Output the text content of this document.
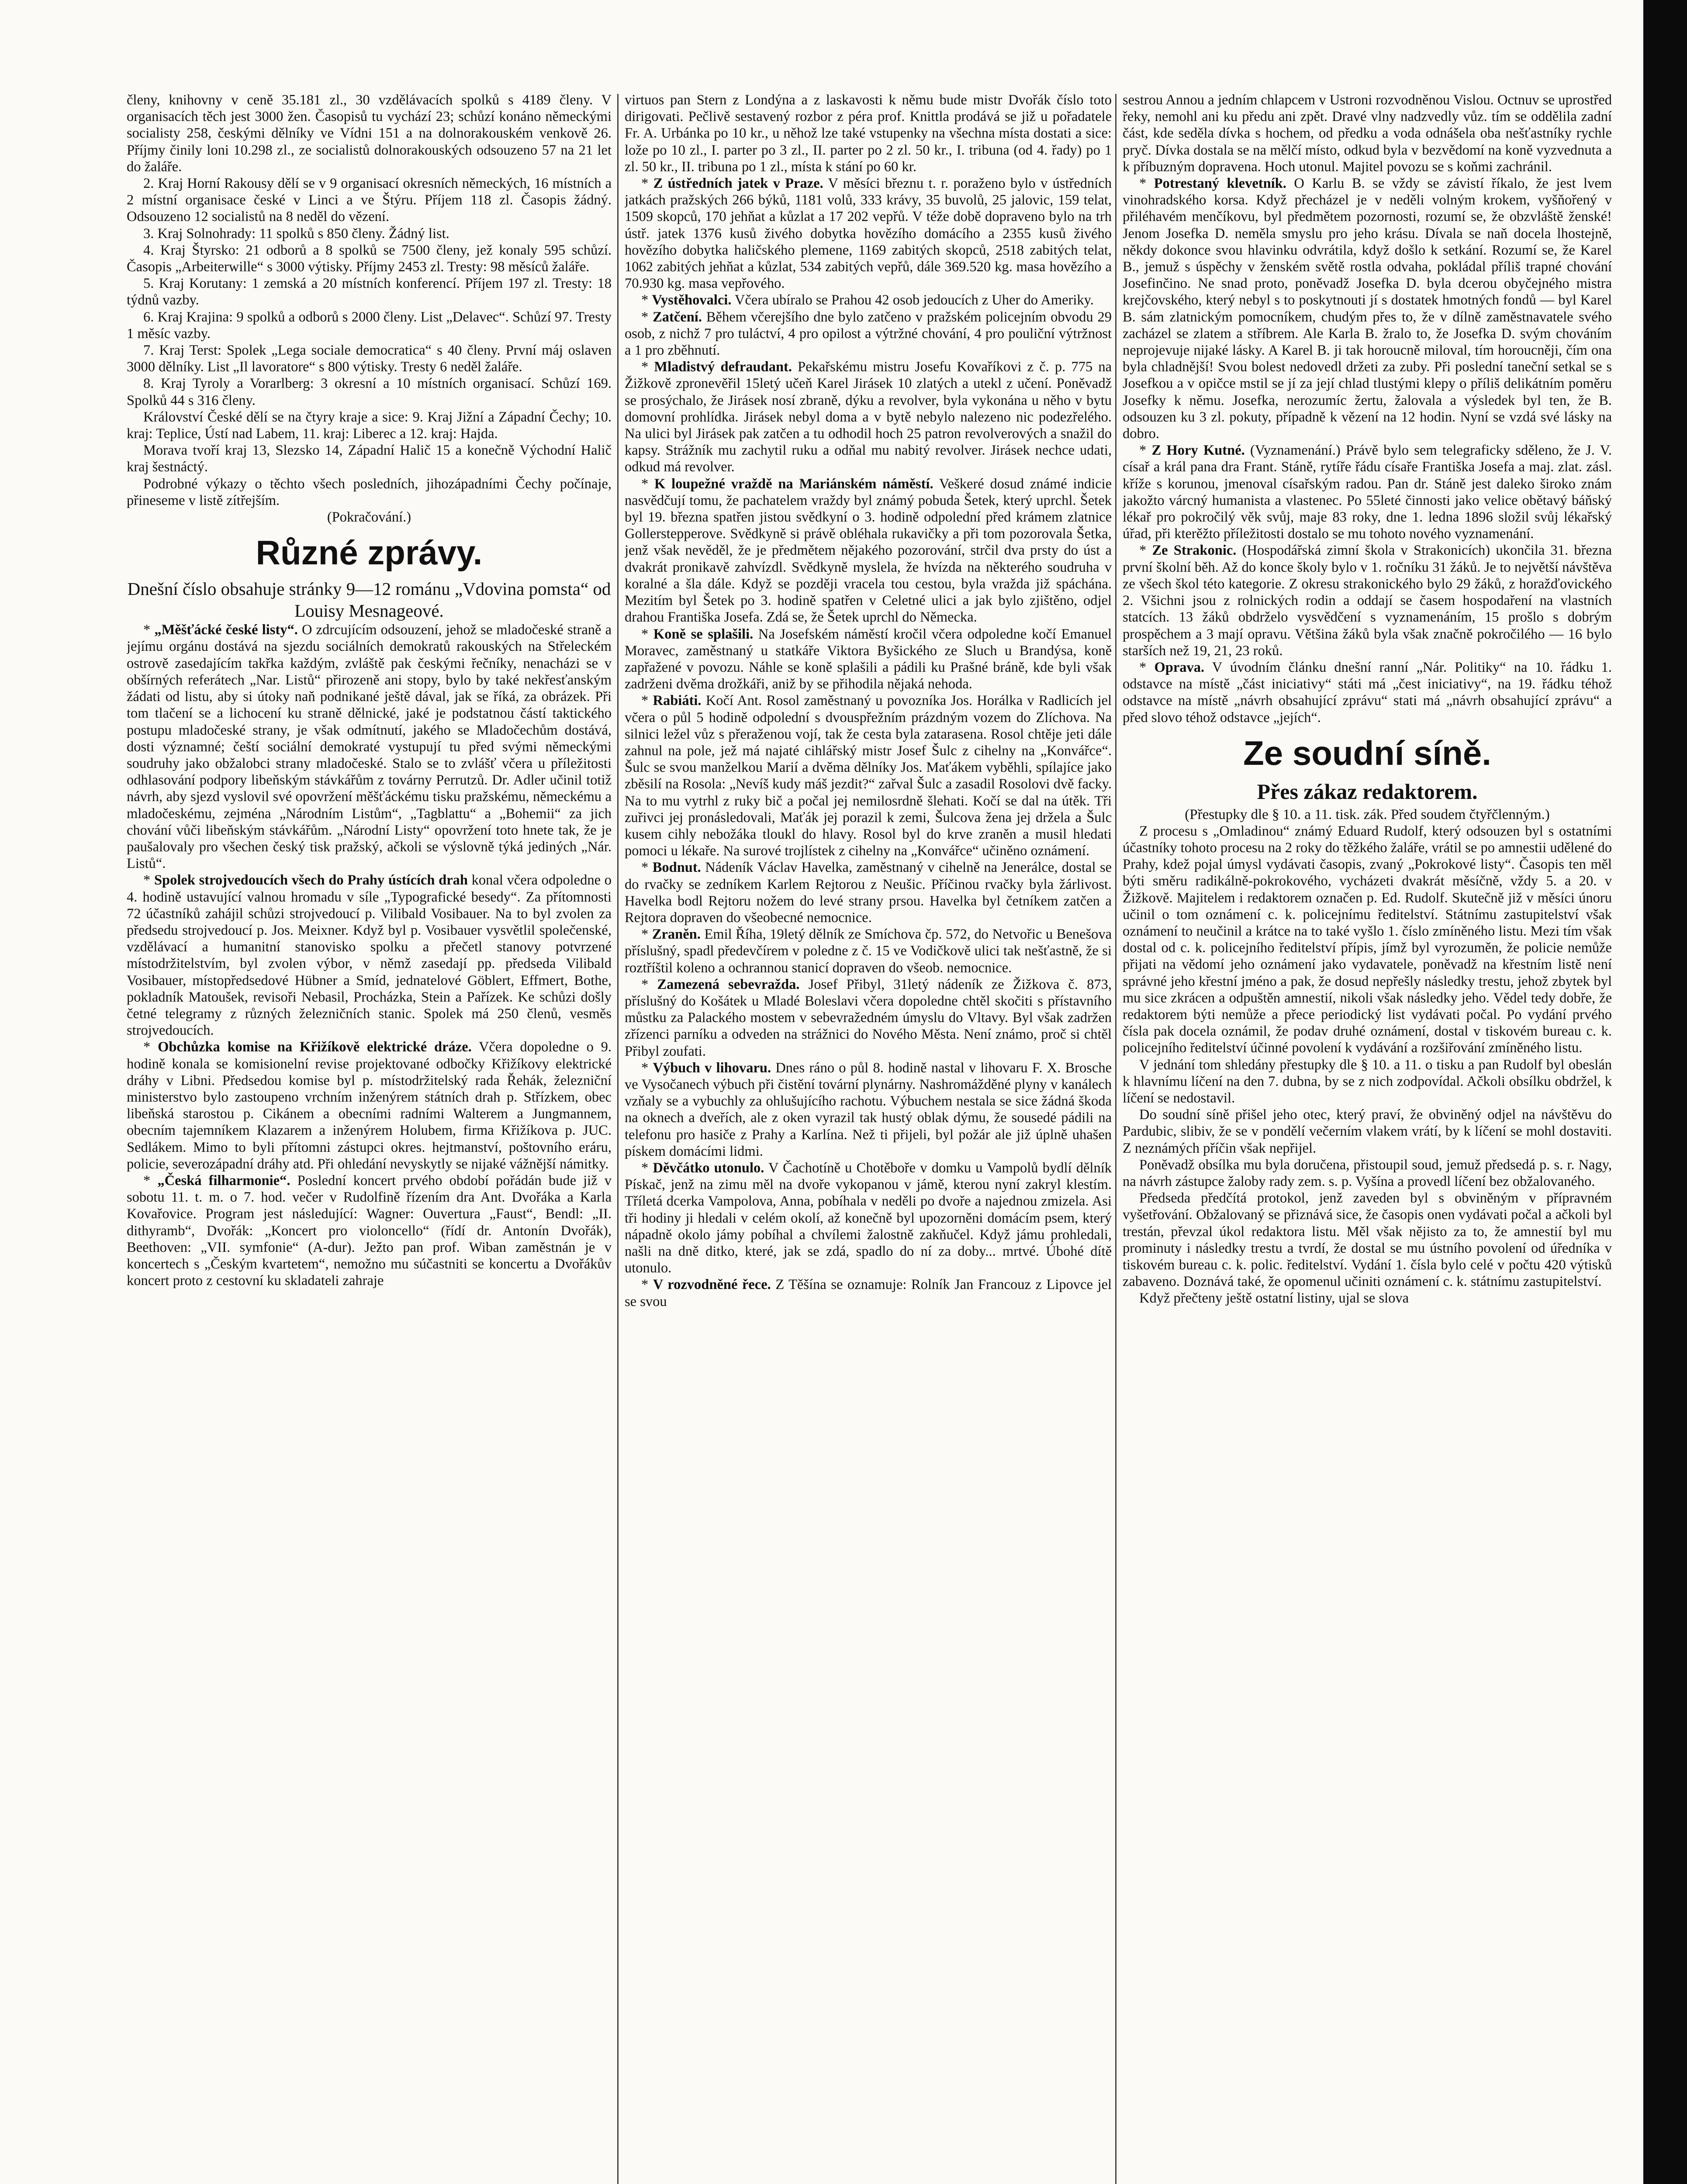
členy, knihovny v ceně 35.181 zl., 30 vzdělávacích spolků s 4189 členy. V organisacích těch jest 3000 žen. Časopisů tu vychází 23; schůzí konáno německými socialisty 258, českými dělníky ve Vídni 151 a na dolnorakouském venkově 26. Příjmy činily loni 10.298 zl., ze socialistů dolnorakouských odsouzeno 57 na 21 let do žaláře.

2. Kraj Horní Rakousy dělí se v 9 organisací okresních německých, 16 místních a 2 místní organisace české v Linci a ve Štýru. Příjem 118 zl. Časopis žádný. Odsouzeno 12 socialistů na 8 neděl do vězení.

3. Kraj Solnohrady: 11 spolků s 850 členy. Žádný list.

4. Kraj Štyrsko: 21 odborů a 8 spolků se 7500 členy, jež konaly 595 schůzí. Časopis „Arbeiterwille“ s 3000 výtisky. Příjmy 2453 zl. Tresty: 98 měsíců žaláře.

5. Kraj Korutany: 1 zemská a 20 místních konferencí. Příjem 197 zl. Tresty: 18 týdnů vazby.

6. Kraj Krajina: 9 spolků a odborů s 2000 členy. List „Delavec“. Schůzí 97. Tresty 1 měsíc vazby.

7. Kraj Terst: Spolek „Lega sociale democratica“ s 40 členy. První máj oslaven 3000 dělníky. List „Il lavoratore“ s 800 výtisky. Tresty 6 neděl žaláře.

8. Kraj Tyroly a Vorarlberg: 3 okresní a 10 místních organisací. Schůzí 169. Spolků 44 s 316 členy.

Království České dělí se na čtyry kraje a sice: 9. Kraj Jižní a Západní Čechy; 10. kraj: Teplice, Ústí nad Labem, 11. kraj: Liberec a 12. kraj: Hajda.

Morava tvoří kraj 13, Slezsko 14, Západní Halič 15 a konečně Východní Halič kraj šestnáctý.

Podrobné výkazy o těchto všech posledních, jihozápadními Čechy počínaje, přineseme v listě zítřejším.

(Pokračování.)

Různé zprávy.

Dnešní číslo obsahuje stránky 9—12 románu „Vdovina pomsta“ od Louisy Mesnageové.

* „Měšťácké české listy“. O zdrcujícím odsouzení, jehož se mladočeské straně a jejímu orgánu dostává na sjezdu sociálních demokratů rakouských na Střeleckém ostrově zasedajícím takřka každým, zvláště pak českými řečníky, nenacházi se v obšírných referátech „Nar. Listů“ přirozeně ani stopy, bylo by také nekřesťanským žádati od listu, aby si útoky naň podnikané ještě dával, jak se říká, za obrázek. Při tom tlačení se a lichocení ku straně dělnické, jaké je podstatnou částí taktického postupu mladočeské strany, je však odmítnutí, jakého se Mladočechům dostává, dosti významné; čeští sociální demokraté vystupují tu před svými německými soudruhy jako obžalobci strany mladočeské. Stalo se to zvlášť včera u příležitosti odhlasování podpory libeňským stávkářům z továrny Perrutzů. Dr. Adler učinil totiž návrh, aby sjezd vyslovil své opovržení měšťáckému tisku pražskému, německému a mladočeskému, zejména „Národním Listům“, „Tagblattu“ a „Bohemii“ za jich chování vůči libeňským stávkářům. „Národní Listy“ opovržení toto hnete tak, že je paušalovaly pro všechen český tisk pražský, ačkoli se výslovně týká jediných „Nár. Listů“.

* Spolek strojvedoucích všech do Prahy ústících drah konal včera odpoledne o 4. hodině ustavující valnou hromadu v síle „Typografické besedy“. Za přítomnosti 72 účastníků zahájil schůzi strojvedoucí p. Vilibald Vosibauer. Na to byl zvolen za předsedu strojvedoucí p. Jos. Meixner. Když byl p. Vosibauer vysvětlil společenské, vzdělávací a humanitní stanovisko spolku a přečetl stanovy potvrzené místodržitelstvím, byl zvolen výbor, v němž zasedají pp. předseda Vilibald Vosibauer, místopředsedové Hübner a Smíd, jednatelové Göblert, Effmert, Bothe, pokladník Matoušek, revisoři Nebasil, Procházka, Stein a Pařízek. Ke schůzi došly četné telegramy z různých železničních stanic. Spolek má 250 členů, vesměs strojvedoucích.

* Obchůzka komise na Křižíkově elektrické dráze. Včera dopoledne o 9. hodině konala se komisionelní revise projektované odbočky Křižíkovy elektrické dráhy v Libni. Předsedou komise byl p. místodržitelský rada Řehák, železniční ministerstvo bylo zastoupeno vrchním inženýrem státních drah p. Střízkem, obec libeňská starostou p. Cikánem a obecními radními Walterem a Jungmannem, obecním tajemníkem Klazarem a inženýrem Holubem, firma Křižíkova p. JUC. Sedlákem. Mimo to byli přítomni zástupci okres. hejtmanství, poštovního eráru, policie, severozápadní dráhy atd. Při ohledání nevyskytly se nijaké vážnější námitky.

* „Česká filharmonie“. Poslední koncert prvého období pořádán bude již v sobotu 11. t. m. o 7. hod. večer v Rudolfině řízením dra Ant. Dvořáka a Karla Kovařovice. Program jest následující: Wagner: Ouvertura „Faust“, Bendl: „II. dithyramb“, Dvořák: „Koncert pro violoncello“ (řídí dr. Antonín Dvořák), Beethoven: „VII. symfonie“ (A-dur). Ježto pan prof. Wiban zaměstnán je v koncertech s „Českým kvartetem“, nemožno mu súčastniti se koncertu a Dvořákův koncert proto z cestovní ku skladateli zahraje

virtuos pan Stern z Londýna a z laskavosti k němu bude mistr Dvořák číslo toto dirigovati. Pečlivě sestavený rozbor z péra prof. Knittla prodává se již u pořadatele Fr. A. Urbánka po 10 kr., u něhož lze také vstupenky na všechna místa dostati a sice: lože po 10 zl., I. parter po 3 zl., II. parter po 2 zl. 50 kr., I. tribuna (od 4. řady) po 1 zl. 50 kr., II. tribuna po 1 zl., místa k stání po 60 kr.

* Z ústředních jatek v Praze. V měsíci březnu t. r. poraženo bylo v ústředních jatkách pražských 266 býků, 1181 volů, 333 krávy, 35 buvolů, 25 jalovic, 159 telat, 1509 skopců, 170 jehňat a kůzlat a 17 202 vepřů. V téže době dopraveno bylo na trh ústř. jatek 1376 kusů živého dobytka hovězího domácího a 2355 kusů živého hovězího dobytka haličského plemene, 1169 zabitých skopců, 2518 zabitých telat, 1062 zabitých jehňat a kůzlat, 534 zabitých vepřů, dále 369.520 kg. masa hovězího a 70.930 kg. masa vepřového.

* Vystěhovalci. Včera ubíralo se Prahou 42 osob jedoucích z Uher do Ameriky.

* Zatčení. Během včerejšího dne bylo zatčeno v pražském policejním obvodu 29 osob, z nichž 7 pro tuláctví, 4 pro opilost a výtržné chování, 4 pro pouliční výtržnost a 1 pro zběhnutí.

* Mladistvý defraudant. Pekařskému mistru Josefu Kovaříkovi z č. p. 775 na Žižkově zpronevěřil 15letý učeň Karel Jirásek 10 zlatých a utekl z učení. Poněvadž se prosýchalo, že Jirásek nosí zbraně, dýku a revolver, byla vykonána u něho v bytu domovní prohlídka. Jirásek nebyl doma a v bytě nebylo nalezeno nic podezřelého. Na ulici byl Jirásek pak zatčen a tu odhodil hoch 25 patron revolverových a snažil do kapsy. Strážník mu zachytil ruku a odňal mu nabitý revolver. Jirásek nechce udati, odkud má revolver.

* K loupežné vraždě na Mariánském náměstí. Veškeré dosud známé indicie nasvědčují tomu, že pachatelem vraždy byl známý pobuda Šetek, který uprchl. Šetek byl 19. března spatřen jistou svědkyní o 3. hodině odpolední před krámem zlatnice Gollerstepperove. Svědkyně si právě obléhala rukavičky a při tom pozorovala Šetka, jenž však nevěděl, že je předmětem nějakého pozorování, strčil dva prsty do úst a dvakrát pronikavě zahvízdl. Svědkyně myslela, že hvízda na některého soudruha v koralné a šla dále. Když se později vracela tou cestou, byla vražda již spáchána. Mezitím byl Šetek po 3. hodině spatřen v Celetné ulici a jak bylo zjištěno, odjel drahou Františka Josefa. Zdá se, že Šetek uprchl do Německa.

* Koně se splašili. Na Josefském náměstí kročil včera odpoledne kočí Emanuel Moravec, zaměstnaný u statkáře Viktora Byšického ze Sluch u Brandýsa, koně zapřažené v povozu. Náhle se koně splašili a pádili ku Prašné bráně, kde byli však zadrženi dvěma drožkáři, aniž by se přihodila nějaká nehoda.

* Rabiáti. Kočí Ant. Rosol zaměstnaný u povozníka Jos. Horálka v Radlicích jel včera o půl 5 hodině odpolední s dvouspřežním prázdným vozem do Zlíchova. Na silnici ležel vůz s přeraženou vojí, tak že cesta byla zatarasena. Rosol chtěje jeti dále zahnul na pole, jež má najaté cihlářský mistr Josef Šulc z cihelny na „Konvářce“. Šulc se svou manželkou Marií a dvěma dělníky Jos. Maťákem vyběhli, spílajíce jako zběsilí na Rosola: „Nevíš kudy máš jezdit?“ zařval Šulc a zasadil Rosolovi dvě facky. Na to mu vytrhl z ruky bič a počal jej nemilosrdně šlehati. Kočí se dal na útěk. Tři zuřivci jej pronásledovali, Maťák jej porazil k zemi, Šulcova žena jej držela a Šulc kusem cihly nebožáka tloukl do hlavy. Rosol byl do krve zraněn a musil hledati pomoci u lékaře. Na surové trojlístek z cihelny na „Konvářce“ učiněno oznámení.

* Bodnut. Nádeník Václav Havelka, zaměstnaný v cihelně na Jenerálce, dostal se do rvačky se zedníkem Karlem Rejtorou z Neušic. Příčinou rvačky byla žárlivost. Havelka bodl Rejtoru nožem do levé strany prsou. Havelka byl četníkem zatčen a Rejtora dopraven do všeobecné nemocnice.

* Zraněn. Emil Říha, 19letý dělník ze Smíchova čp. 572, do Netvořic u Benešova příslušný, spadl předevčírem v poledne z č. 15 ve Vodičkově ulici tak nešťastně, že si roztříštil koleno a ochrannou stanicí dopraven do všeob. nemocnice.

* Zamezená sebevražda. Josef Přibyl, 31letý nádeník ze Žižkova č. 873, příslušný do Košátek u Mladé Boleslavi včera dopoledne chtěl skočiti s přístavního můstku za Palackého mostem v sebevražedném úmyslu do Vltavy. Byl však zadržen zřízenci parníku a odveden na strážnici do Nového Města. Není známo, proč si chtěl Přibyl zoufati.

* Výbuch v lihovaru. Dnes ráno o půl 8. hodině nastal v lihovaru F. X. Brosche ve Vysočanech výbuch při čistění tovární plynárny. Nashromážděné plyny v kanálech vzňaly se a vybuchly za ohlušujícího rachotu. Výbuchem nestala se sice žádná škoda na oknech a dveřích, ale z oken vyrazil tak hustý oblak dýmu, že sousedé pádili na telefonu pro hasiče z Prahy a Karlína. Než ti přijeli, byl požár ale již úplně uhašen pískem domácími lidmi.

* Děvčátko utonulo. V Čachotíně u Chotěboře v domku u Vampolů bydlí dělník Pískač, jenž na zimu měl na dvoře vykopanou v jámě, kterou nyní zakryl klestím. Tříletá dcerka Vampolova, Anna, pobíhala v neděli po dvoře a najednou zmizela. Asi tři hodiny ji hledali v celém okolí, až konečně byl upozorněni domácím psem, který nápadně okolo jámy pobíhal a chvílemi žalostně zakňučel. Když jámu prohledali, našli na dně ditko, které, jak se zdá, spadlo do ní za doby... mrtvé. Úbohé dítě utonulo.

* V rozvodněné řece. Z Těšína se oznamuje: Rolník Jan Francouz z Lipovce jel se svou

sestrou Annou a jedním chlapcem v Ustroni rozvodněnou Vislou. Octnuv se uprostřed řeky, nemohl ani ku předu ani zpět. Dravé vlny nadzvedly vůz. tím se oddělila zadní část, kde seděla dívka s hochem, od předku a voda odnášela oba nešťastníky rychle pryč. Dívka dostala se na mělčí místo, odkud byla v bezvědomí na koně vyzvednuta a k příbuzným dopravena. Hoch utonul. Majitel povozu se s koňmi zachránil.

* Potrestaný klevetník. O Karlu B. se vždy se závistí říkalo, že jest lvem vinohradského korsa. Když přecházel je v neděli volným krokem, vyšňořený v přiléhavém menčíkovu, byl předmětem pozornosti, rozumí se, že obzvláště ženské! Jenom Josefka D. neměla smyslu pro jeho krásu. Dívala se naň docela lhostejně, někdy dokonce svou hlavinku odvrátila, když došlo k setkání. Rozumí se, že Karel B., jemuž s úspěchy v ženském světě rostla odvaha, pokládal příliš trapné chování Josefinčino. Ne snad proto, poněvadž Josefka D. byla dcerou obyčejného mistra krejčovského, který nebyl s to poskytnouti jí s dostatek hmotných fondů — byl Karel B. sám zlatnickým pomocníkem, chudým přes to, že v dílně zaměstnavatele svého zacházel se zlatem a stříbrem. Ale Karla B. žralo to, že Josefka D. svým chováním neprojevuje nijaké lásky. A Karel B. ji tak horoucně miloval, tím horoucněji, čím ona byla chladnější! Svou bolest nedovedl držeti za zuby. Při poslední taneční setkal se s Josefkou a v opičce mstil se jí za její chlad tlustými klepy o příliš delikátním poměru Josefky k němu. Josefka, nerozumíc žertu, žalovala a výsledek byl ten, že B. odsouzen ku 3 zl. pokuty, případně k vězení na 12 hodin. Nyní se vzdá své lásky na dobro.

* Z Hory Kutné. (Vyznamenání.) Právě bylo sem telegraficky sděleno, že J. V. císař a král pana dra Frant. Stáně, rytíře řádu císaře Františka Josefa a maj. zlat. zásl. kříže s korunou, jmenoval císařským radou. Pan dr. Stáně jest daleko široko znám jakožto várcný humanista a vlastenec. Po 55leté činnosti jako velice obětavý báňský lékař pro pokročilý věk svůj, maje 83 roky, dne 1. ledna 1896 složil svůj lékařský úřad, při kterěžto příležitosti dostalo se mu tohoto nového vyznamenání.

* Ze Strakonic. (Hospodářská zimní škola v Strakonicích) ukončila 31. března první školní běh. Až do konce školy bylo v 1. ročníku 31 žáků. Je to největší návštěva ze všech škol této kategorie. Z okresu strakonického bylo 29 žáků, z horažďovického 2. Všichni jsou z rolnických rodin a oddají se časem hospodaření na vlastních statcích. 13 žáků obdrželo vysvědčení s vyznamenáním, 15 prošlo s dobrým prospěchem a 3 mají opravu. Většina žáků byla však značně pokročilého — 16 bylo starších než 19, 21, 23 roků.

* Oprava. V úvodním článku dnešní ranní „Nár. Politiky“ na 10. řádku 1. odstavce na místě „část iniciativy“ státi má „čest iniciativy“, na 19. řádku téhož odstavce na místě „návrh obsahující zprávu“ stati má „návrh obsahující zprávu“ a před slovo téhož odstavce „jejích“.

Ze soudní síně.
Přes zákaz redaktorem.

(Přestupky dle § 10. a 11. tisk. zák. Před soudem čtyřčlenným.)

Z procesu s „Omladinou“ známý Eduard Rudolf, který odsouzen byl s ostatními účastníky tohoto procesu na 2 roky do těžkého žaláře, vrátil se po amnestii udělené do Prahy, kdež pojal úmysl vydávati časopis, zvaný „Pokrokové listy“. Časopis ten měl býti směru radikálně-pokrokového, vycházeti dvakrát měsíčně, vždy 5. a 20. v Žižkově. Majitelem i redaktorem označen p. Ed. Rudolf. Skutečně již v měsíci únoru učinil o tom oznámení c. k. policejnímu ředitelství. Státnímu zastupitelství však oznámení to neučinil a krátce na to také vyšlo 1. číslo zmíněného listu. Mezi tím však dostal od c. k. policejního ředitelství přípis, jímž byl vyrozuměn, že policie nemůže přijati na vědomí jeho oznámení jako vydavatele, poněvadž na křestním listě není správné jeho křestní jméno a pak, že dosud nepřešly následky trestu, jehož zbytek byl mu sice zkrácen a odpuštěn amnestií, nikoli však následky jeho. Vědel tedy dobře, že redaktorem býti nemůže a přece periodický list vydávati počal. Po vydání prvého čísla pak docela oznámil, že podav druhé oznámení, dostal v tiskovém bureau c. k. policejního ředitelství účinné povolení k vydávání a rozšiřování zmíněného listu.

V jednání tom shledány přestupky dle § 10. a 11. o tisku a pan Rudolf byl obeslán k hlavnímu líčení na den 7. dubna, by se z nich zodpovídal. Ačkoli obsílku obdržel, k líčení se nedostavil.

Do soudní síně přišel jeho otec, který praví, že obviněný odjel na návštěvu do Pardubic, slibiv, že se v pondělí večerním vlakem vrátí, by k líčení se mohl dostaviti. Z neznámých příčin však nepřijel.

Poněvadž obsílka mu byla doručena, přistoupil soud, jemuž předsedá p. s. r. Nagy, na návrh zástupce žaloby rady zem. s. p. Vyšína a provedl líčení bez obžalovaného.

Předseda předčítá protokol, jenž zaveden byl s obviněným v přípravném vyšetřování. Obžalovaný se přiznává sice, že časopis onen vydávati počal a ačkoli byl trestán, převzal úkol redaktora listu. Měl však nějisto za to, že amnestií byl mu prominuty i následky trestu a tvrdí, že dostal se mu ústního povolení od úředníka v tiskovém bureau c. k. polic. ředitelství. Vydání 1. čísla bylo celé v počtu 420 výtisků zabaveno. Doznává také, že opomenul učiniti oznámení c. k. státnímu zastupitelství.

Když přečteny ještě ostatní listiny, ujal se slova
